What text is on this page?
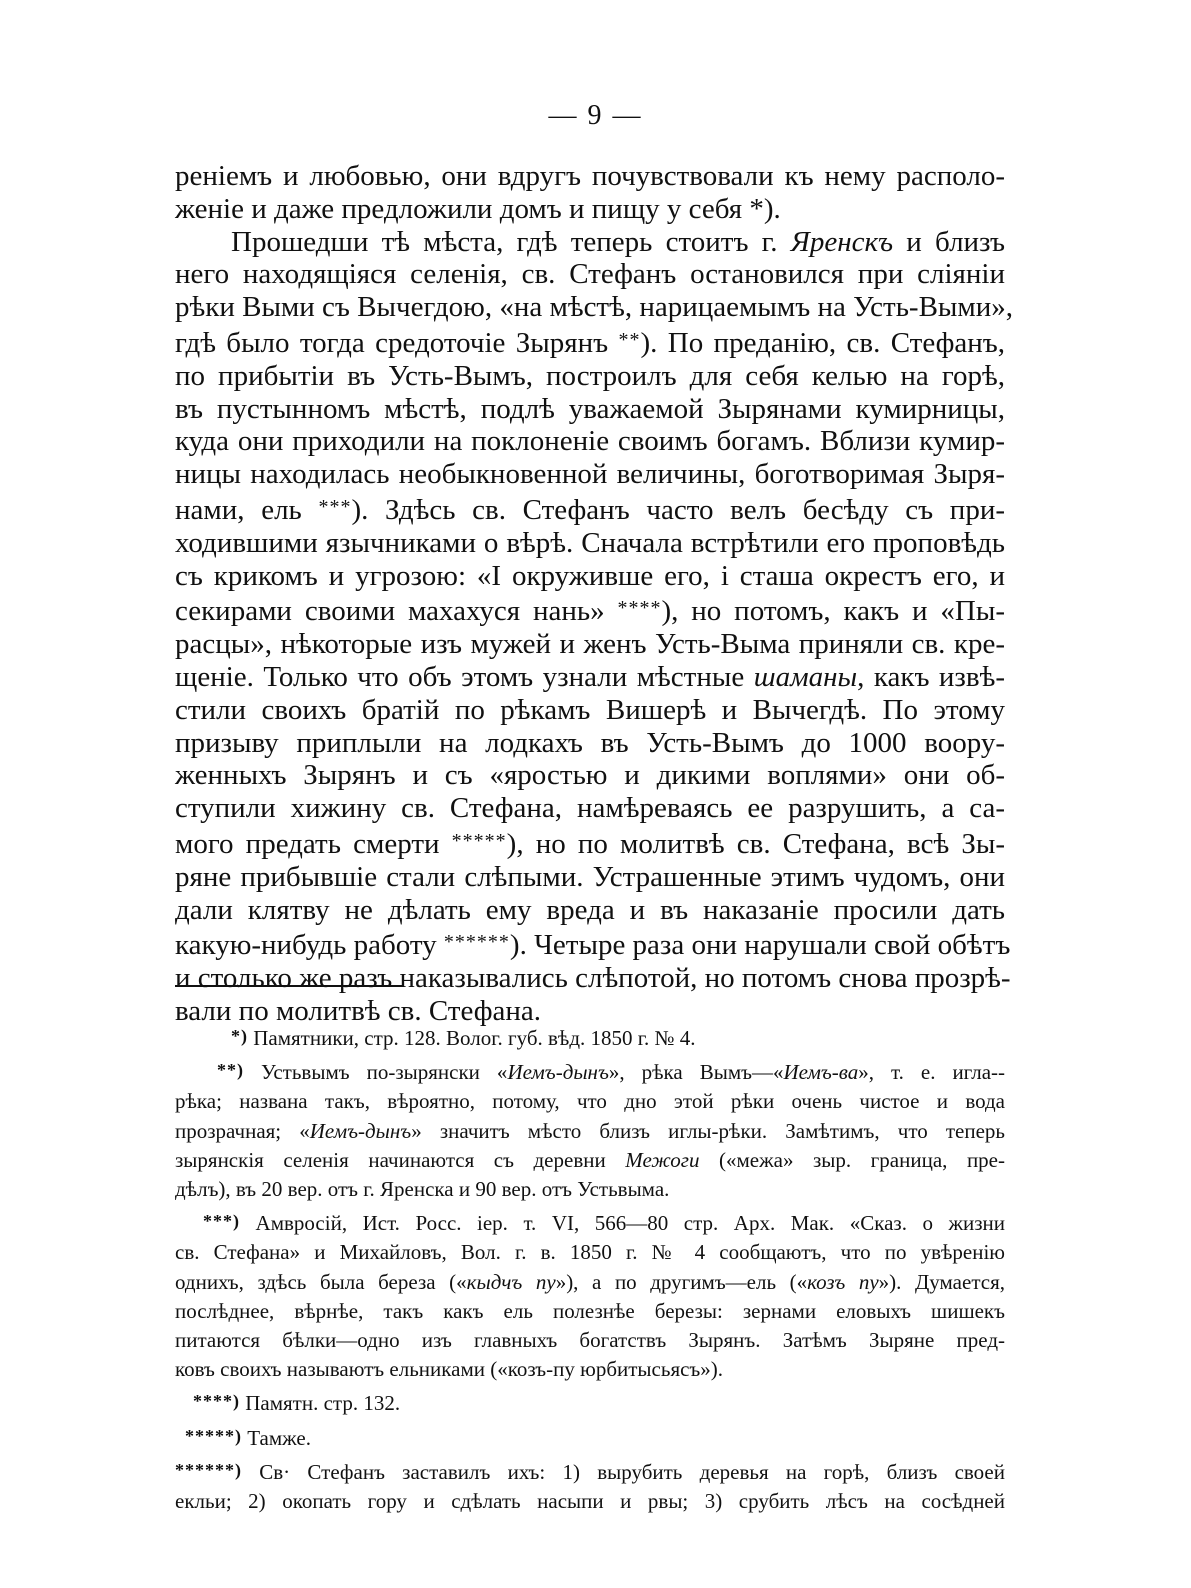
— 9 —
реніемъ и любовью, они вдругъ почувствовали къ нему располо-
женіе и даже предложили домъ и пищу у себя *).
Прошедши тѣ мѣста, гдѣ теперь стоитъ г. Яренскъ и близъ
него находящіяся селенія, св. Стефанъ остановился при сліяніи
рѣки Выми съ Вычегдою, «на мѣстѣ, нарицаемымъ на Усть-Выми»,
гдѣ было тогда средоточіе Зырянъ **). По преданію, св. Стефанъ,
по прибытіи въ Усть-Вымъ, построилъ для себя келью на горѣ,
въ пустынномъ мѣстѣ, подлѣ уважаемой Зырянами кумирницы,
куда они приходили на поклоненіе своимъ богамъ. Вблизи кумир-
ницы находилась необыкновенной величины, боготворимая Зыря-
нами, ель ***). Здѣсь св. Стефанъ часто велъ бесѣду съ при-
ходившими язычниками о вѣрѣ. Сначала встрѣтили его проповѣдь
съ крикомъ и угрозою: «І окруживше его, і сташа окрестъ его, и
секирами своими махахуся нань» ****), но потомъ, какъ и «Пы-
расцы», нѣкоторые изъ мужей и женъ Усть-Выма приняли св. кре-
щеніе. Только что объ этомъ узнали мѣстные шаманы, какъ извѣ-
стили своихъ братій по рѣкамъ Вишерѣ и Вычегдѣ. По этому
призыву приплыли на лодкахъ въ Усть-Вымъ до 1000 воору-
женныхъ Зырянъ и съ «яростью и дикими воплями» они об-
ступили хижину св. Стефана, намѣреваясь ее разрушить, а са-
мого предать смерти *****), но по молитвѣ св. Стефана, всѣ Зы-
ряне прибывшіе стали слѣпыми. Устрашенные этимъ чудомъ, они
дали клятву не дѣлать ему вреда и въ наказаніе просили дать
какую-нибудь работу ******). Четыре раза они нарушали свой обѣтъ
и столько же разъ наказывались слѣпотой, но потомъ снова прозрѣ-
вали по молитвѣ св. Стефана.
*) Памятники, стр. 128. Волог. губ. вѣд. 1850 г. № 4.
**) Устьвымъ по-зырянски «Иемъ-дынъ», рѣка Вымъ—«Иемъ-ва», т. е. игла--
рѣка; названа такъ, вѣроятно, потому, что дно этой рѣки очень чистое и вода
прозрачная; «Иемъ-дынъ» значитъ мѣсто близъ иглы-рѣки. Замѣтимъ, что теперь
зырянскія селенія начинаются съ деревни Межоги («межа» зыр. граница, пре-
дѣлъ), въ 20 вер. отъ г. Яренска и 90 вер. отъ Устьвыма.
***) Амвросій, Ист. Росс. іер. т. VI, 566—80 стр. Арх. Мак. «Сказ. о жизни
св. Стефана» и Михайловъ, Вол. г. в. 1850 г. № 4 сообщаютъ, что по увѣренію
однихъ, здѣсь была береза («кыдчъ пу»), а по другимъ—ель («козъ пу»). Думается,
послѣднее, вѣрнѣе, такъ какъ ель полезнѣе березы: зернами еловыхъ шишекъ
питаются бѣлки—одно изъ главныхъ богатствъ Зырянъ. Затѣмъ Зыряне пред-
ковъ своихъ называютъ ельниками («козъ-пу юрбитысьясъ»).
****) Памятн. стр. 132.
*****) Тамже.
******) Св· Стефанъ заставилъ ихъ: 1) вырубить деревья на горѣ, близъ своей
екльи; 2) окопать гору и сдѣлать насыпи и рвы; 3) срубить лѣсъ на сосѣдней
